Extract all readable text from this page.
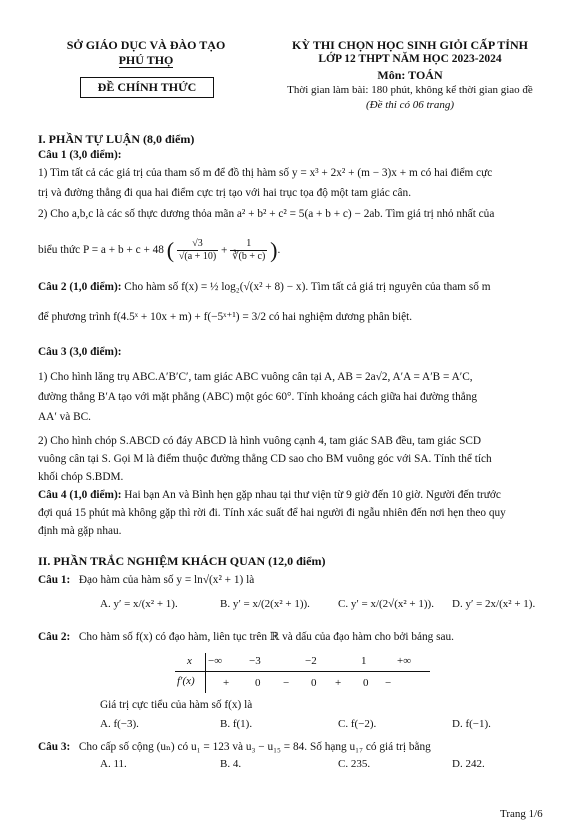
SỞ GIÁO DỤC VÀ ĐÀO TẠO
PHÚ THỌ
ĐỀ CHÍNH THỨC
KỲ THI CHỌN HỌC SINH GIỎI CẤP TỈNH
LỚP 12 THPT NĂM HỌC 2023-2024
Môn: TOÁN
Thời gian làm bài: 180 phút, không kể thời gian giao đề
(Đề thi có 06 trang)
I. PHẦN TỰ LUẬN (8,0 điểm)
Câu 1 (3,0 điểm):
1) Tìm tất cả các giá trị của tham số m để đồ thị hàm số y = x³ + 2x² + (m − 3)x + m có hai điểm cực
trị và đường thẳng đi qua hai điểm cực trị tạo với hai trục tọa độ một tam giác cân.
2) Cho a,b,c là các số thực dương thỏa mãn a² + b² + c² = 5(a + b + c) − 2ab. Tìm giá trị nhỏ nhất của
biểu thức P = a + b + c + 48 ( $\frac{√3}{√(a + 10)} + \frac{1}{∛(b + c)}$ ).
Câu 2 (1,0 điểm): Cho hàm số f(x) = ½ log₂(√(x² + 8) − x). Tìm tất cả giá trị nguyên của tham số m
để phương trình f(4.5ˣ + 10x + m) + f(−5ˣ⁺¹) = 3/2 có hai nghiệm dương phân biệt.
Câu 3 (3,0 điểm):
1) Cho hình lăng trụ ABC.A′B′C′, tam giác ABC vuông cân tại A, AB = 2a√2, A′A = A′B = A′C,
đường thẳng B′A tạo với mặt phẳng (ABC) một góc 60°. Tính khoảng cách giữa hai đường thẳng
AA′ và BC.
2) Cho hình chóp S.ABCD có đáy ABCD là hình vuông cạnh 4, tam giác SAB đều, tam giác SCD
vuông cân tại S. Gọi M là điểm thuộc đường thẳng CD sao cho BM vuông góc với SA. Tính thể tích
khối chóp S.BDM.
Câu 4 (1,0 điểm): Hai bạn An và Bình hẹn gặp nhau tại thư viện từ 9 giờ đến 10 giờ. Người đến trước
đợi quá 15 phút mà không gặp thì rời đi. Tính xác suất để hai người đi ngẫu nhiên đến nơi hẹn theo quy
định mà gặp nhau.
II. PHẦN TRẮC NGHIỆM KHÁCH QUAN (12,0 điểm)
Câu 1: Đạo hàm của hàm số y = ln√(x² + 1) là
A. y′ = x/(x² + 1).	B. y′ = x/(2(x² + 1)).	C. y′ = x/(2√(x² + 1)). D. y′ = 2x/(x² + 1).
Câu 2: Cho hàm số f(x) có đạo hàm, liên tục trên ℝ và dấu của đạo hàm cho bởi bảng sau.
x −∞ −3	−2	1	+∞
f′(x)	+ 0 − 0 + 0 −
Giá trị cực tiểu của hàm số f(x) là
A. f(−3).	B. f(1).	C. f(−2).	D. f(−1).
Câu 3: Cho cấp số cộng (uₙ) có u₁ = 123 và u₃ − u₁₅ = 84. Số hạng u₁₇ có giá trị bằng
A. 11.	B. 4.	C. 235.	D. 242.
Trang 1/6
